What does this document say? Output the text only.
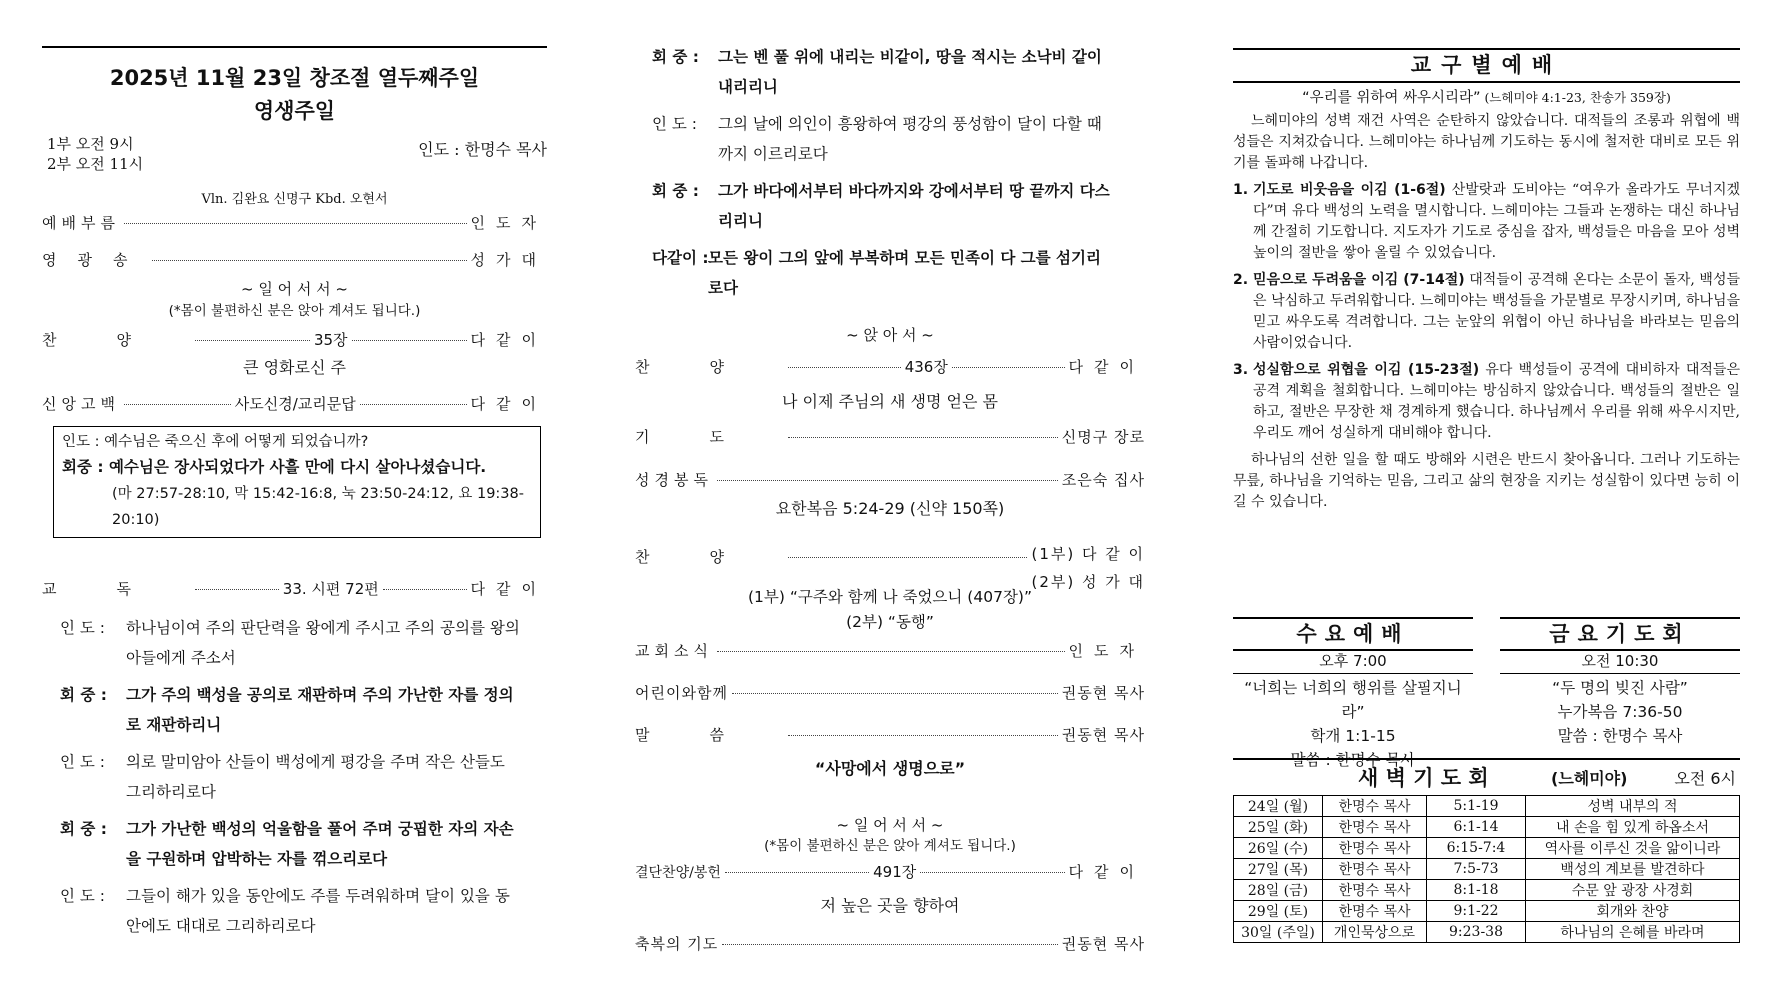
2025년 11월 23일 창조절 열두째주일
영생주일
1부 오전 9시
2부 오전 11시
인도 : 한명수 목사
Vln. 김완요 신명구 Kbd. 오현서
예배부름	인도자
영광송	성가대
~ 일 어 서 서 ~
(*몸이 불편하신 분은 앉아 계셔도 됩니다.)
찬양	35장	다같이
큰 영화로신 주
신앙고백	사도신경/교리문답	다같이
인도 : 예수님은 죽으신 후에 어떻게 되었습니까?
회중 : 예수님은 장사되었다가 사흘 만에 다시 살아나셨습니다.
(마 27:57-28:10, 막 15:42-16:8, 눅 23:50-24:12, 요 19:38-20:10)
교독	33. 시편 72편	다같이
인 도 :	하나님이여 주의 판단력을 왕에게 주시고 주의 공의를 왕의 아들에게 주소서
회 중 :	그가 주의 백성을 공의로 재판하며 주의 가난한 자를 정의로 재판하리니
인 도 :	의로 말미암아 산들이 백성에게 평강을 주며 작은 산들도 그리하리로다
회 중 :	그가 가난한 백성의 억울함을 풀어 주며 궁핍한 자의 자손을 구원하며 압박하는 자를 꺾으리로다
인 도 :	그들이 해가 있을 동안에도 주를 두려워하며 달이 있을 동안에도 대대로 그리하리로다
회 중 :	그는 벤 풀 위에 내리는 비같이, 땅을 적시는 소낙비 같이 내리리니
인 도 :	그의 날에 의인이 흥왕하여 평강의 풍성함이 달이 다할 때까지 이르리로다
회 중 :	그가 바다에서부터 바다까지와 강에서부터 땅 끝까지 다스리리니
다같이 : 모든 왕이 그의 앞에 부복하며 모든 민족이 다 그를 섬기리로다
~ 앉 아 서 ~
찬양	436장	다같이
나 이제 주님의 새 생명 얻은 몸
기도	신명구 장로
성경봉독	조은숙 집사
요한복음 5:24-29 (신약 150쪽)
찬양	(1부) 다 같 이
(2부) 성 가 대
(1부) “구주와 함께 나 죽었으니 (407장)”
(2부) “동행”
교회소식	인도자
어린이와함께	권동현 목사
말씀	권동현 목사
“사망에서 생명으로”
~ 일 어 서 서 ~
(*몸이 불편하신 분은 앉아 계셔도 됩니다.)
결단찬양/봉헌	491장	다같이
저 높은 곳을 향하여
축복의 기도	권동현 목사
교구별예배
“우리를 위하여 싸우시리라” (느헤미야 4:1-23, 찬송가 359장)
느헤미야의 성벽 재건 사역은 순탄하지 않았습니다. 대적들의 조롱과 위협에 백성들은 지쳐갔습니다. 느헤미야는 하나님께 기도하는 동시에 철저한 대비로 모든 위기를 돌파해 나갑니다.
1. 기도로 비웃음을 이김 (1-6절) 산발랏과 도비야는 “여우가 올라가도 무너지겠다”며 유다 백성의 노력을 멸시합니다. 느헤미야는 그들과 논쟁하는 대신 하나님께 간절히 기도합니다. 지도자가 기도로 중심을 잡자, 백성들은 마음을 모아 성벽 높이의 절반을 쌓아 올릴 수 있었습니다.
2. 믿음으로 두려움을 이김 (7-14절) 대적들이 공격해 온다는 소문이 돌자, 백성들은 낙심하고 두려워합니다. 느헤미야는 백성들을 가문별로 무장시키며, 하나님을 믿고 싸우도록 격려합니다. 그는 눈앞의 위협이 아닌 하나님을 바라보는 믿음의 사람이었습니다.
3. 성실함으로 위협을 이김 (15-23절) 유다 백성들이 공격에 대비하자 대적들은 공격 계획을 철회합니다. 느헤미야는 방심하지 않았습니다. 백성들의 절반은 일하고, 절반은 무장한 채 경계하게 했습니다. 하나님께서 우리를 위해 싸우시지만, 우리도 깨어 성실하게 대비해야 합니다.
하나님의 선한 일을 할 때도 방해와 시련은 반드시 찾아옵니다. 그러나 기도하는 무릎, 하나님을 기억하는 믿음, 그리고 삶의 현장을 지키는 성실함이 있다면 능히 이길 수 있습니다.
수요예배
오후 7:00
“너희는 너희의 행위를 살필지니라”
학개 1:1-15
말씀 : 한명수 목사
금요기도회
오전 10:30
“두 명의 빚진 사람”
누가복음 7:36-50
말씀 : 한명수 목사
새 벽 기 도 회	(느헤미야)	오전 6시
24일 (월)	한명수 목사	5:1-19	성벽 내부의 적
25일 (화)	한명수 목사	6:1-14	내 손을 힘 있게 하옵소서
26일 (수)	한명수 목사	6:15-7:4	역사를 이루신 것을 앎이니라
27일 (목)	한명수 목사	7:5-73	백성의 계보를 발견하다
28일 (금)	한명수 목사	8:1-18	수문 앞 광장 사경회
29일 (토)	한명수 목사	9:1-22	회개와 찬양
30일 (주일)	개인묵상으로	9:23-38	하나님의 은혜를 바라며
